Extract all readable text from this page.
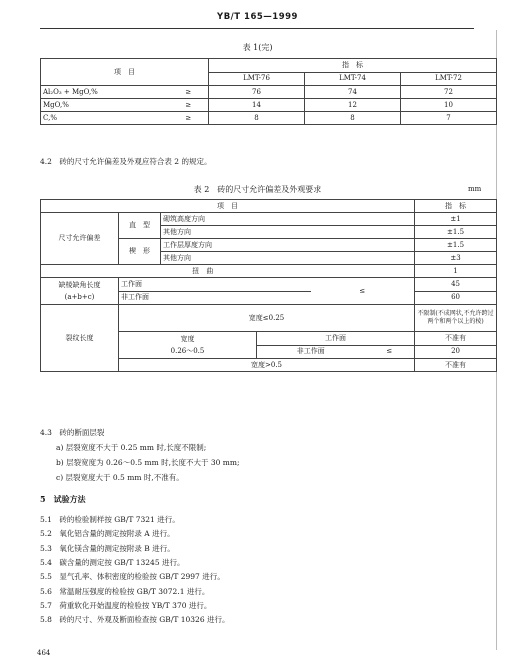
YB/T 165—1999
表 1(完)
项　目		指　标		
		LMT-76	LMT-74	LMT-72
Al₂O₃ + MgO,%	≥	76	74	72
MgO,%	≥	14	12	10
C,%	≥	8	8	7
4.2　砖的尺寸允许偏差及外观应符合表 2 的规定。
表 2　砖的尺寸允许偏差及外观要求	mm
项　目						指　标
尺寸允许偏差	直　型	砌筑高度方向				±1
		其他方向				±1.5
	楔　形	工作层厚度方向				±1.5
		其他方向				±3
扭　曲						1
缺棱缺角长度
(a+b+c)	工作面			≤		45
	非工作面					60
裂纹长度	宽度≤0.25					不限制(不成网状,不允许跨过两个和两个以上的棱)
	宽度
0.26～0.5		工作面			不准有
			非工作面		≤	20
	宽度>0.5					不准有
4.3　砖的断面层裂
a) 层裂宽度不大于 0.25 mm 时,长度不限制;
b) 层裂宽度为 0.26～0.5 mm 时,长度不大于 30 mm;
c) 层裂宽度大于 0.5 mm 时,不准有。
5　试验方法
5.1　砖的检验制样按 GB/T 7321 进行。
5.2　氧化铝含量的测定按附录 A 进行。
5.3　氧化镁含量的测定按附录 B 进行。
5.4　碳含量的测定按 GB/T 13245 进行。
5.5　显气孔率、体积密度的检验按 GB/T 2997 进行。
5.6　常温耐压强度的检验按 GB/T 3072.1 进行。
5.7　荷重软化开始温度的检验按 YB/T 370 进行。
5.8　砖的尺寸、外观及断面检查按 GB/T 10326 进行。
464
